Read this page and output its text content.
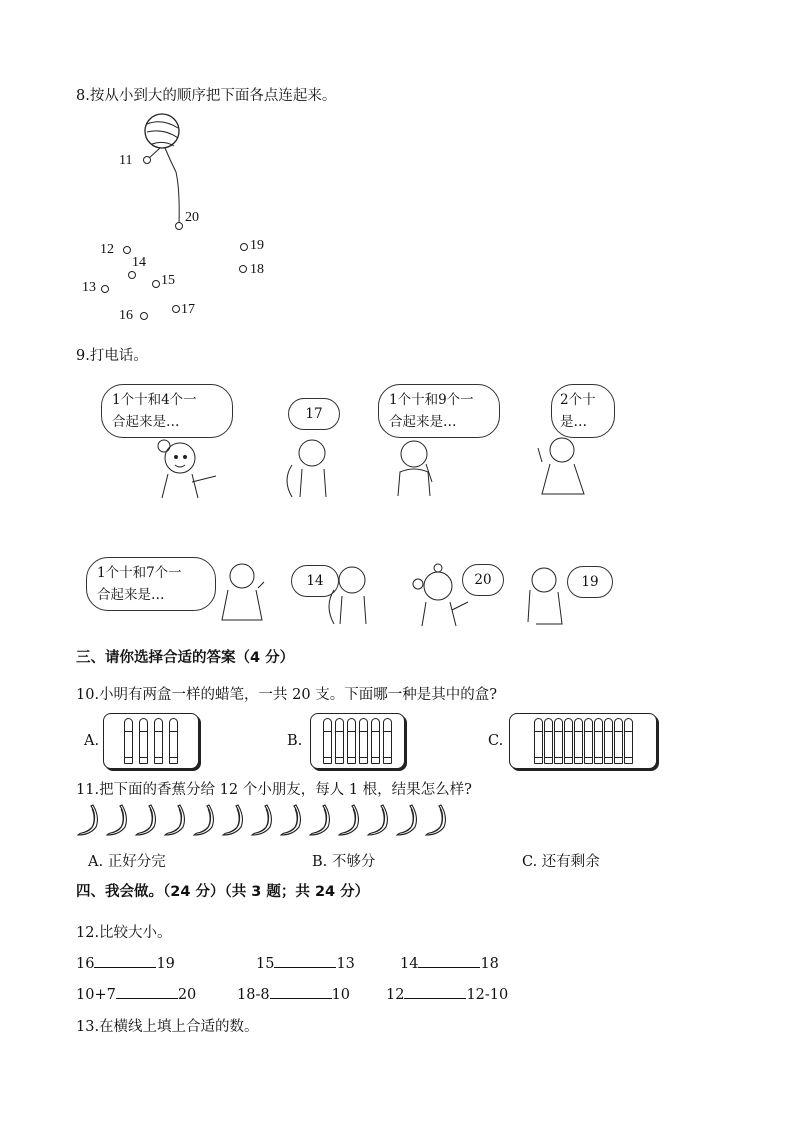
8.按从小到大的顺序把下面各点连起来。
11
20
12
14
13	15
16	17
19
18
9.打电话。
1个十和4个一
合起来是…	17
1个十和9个一
合起来是…
2个十
是…
1个十和7个一
合起来是…
14	20	19
三、请你选择合适的答案（4 分）
10.小明有两盒一样的蜡笔，一共 20 支。下面哪一种是其中的盒?
A.	B.	C.
11.把下面的香蕉分给 12 个小朋友，每人 1 根，结果怎么样?
A. 正好分完	B. 不够分	C. 还有剩余
四、我会做。（24 分）（共 3 题；共 24 分）
12.比较大小。
16	19	15	13	14	18
10+7	20	18-8	10 12	12-10
13.在横线上填上合适的数。
